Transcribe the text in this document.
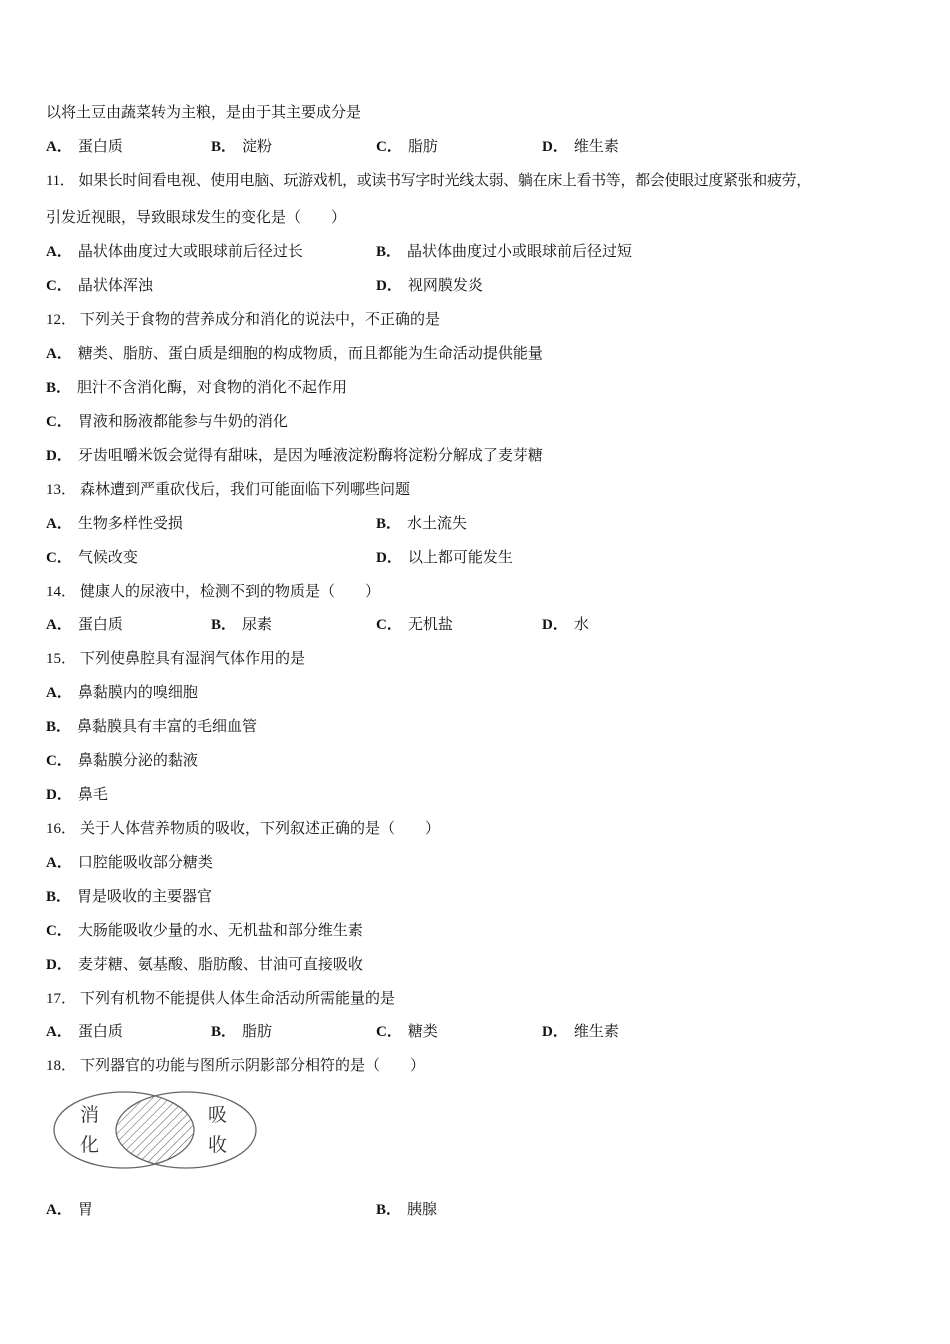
以将土豆由蔬菜转为主粮，是由于其主要成分是
A． 蛋白质	B． 淀粉	C． 脂肪	D． 维生素
11． 如果长时间看电视、使用电脑、玩游戏机，或读书写字时光线太弱、躺在床上看书等，都会使眼过度紧张和疲劳，
引发近视眼，导致眼球发生的变化是（　　）
A． 晶状体曲度过大或眼球前后径过长	B． 晶状体曲度过小或眼球前后径过短
C． 晶状体浑浊	D． 视网膜发炎
12． 下列关于食物的营养成分和消化的说法中，不正确的是
A． 糖类、脂肪、蛋白质是细胞的构成物质，而且都能为生命活动提供能量
B． 胆汁不含消化酶，对食物的消化不起作用
C． 胃液和肠液都能参与牛奶的消化
D． 牙齿咀嚼米饭会觉得有甜味，是因为唾液淀粉酶将淀粉分解成了麦芽糖
13． 森林遭到严重砍伐后，我们可能面临下列哪些问题
A． 生物多样性受损	B． 水土流失
C． 气候改变	D． 以上都可能发生
14． 健康人的尿液中，检测不到的物质是（　　）
A． 蛋白质	B． 尿素	C． 无机盐	D． 水
15． 下列使鼻腔具有湿润气体作用的是
A． 鼻黏膜内的嗅细胞
B． 鼻黏膜具有丰富的毛细血管
C． 鼻黏膜分泌的黏液
D． 鼻毛
16． 关于人体营养物质的吸收，下列叙述正确的是（　　）
A． 口腔能吸收部分糖类
B． 胃是吸收的主要器官
C． 大肠能吸收少量的水、无机盐和部分维生素
D． 麦芽糖、氨基酸、脂肪酸、甘油可直接吸收
17． 下列有机物不能提供人体生命活动所需能量的是
A． 蛋白质	B． 脂肪	C． 糖类	D． 维生素
18． 下列器官的功能与图所示阴影部分相符的是（　　）
消
化
吸
收
A． 胃	B． 胰腺
